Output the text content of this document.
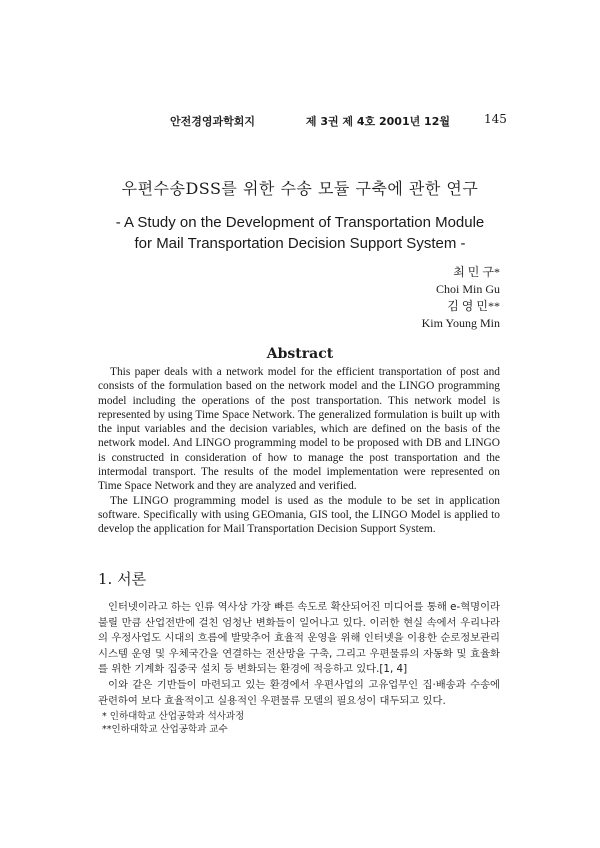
안전경영과학회지	제 3권 제 4호 2001년 12월	145
우편수송DSS를 위한 수송 모듈 구축에 관한 연구
- A Study on the Development of Transportation Module
for Mail Transportation Decision Support System -
최 민 구*
Choi Min Gu
김 영 민**
Kim Young Min
Abstract

This paper deals with a network model for the efficient transportation of post and consists of the formulation based on the network model and the LINGO programming model including the operations of the post transportation. This network model is represented by using Time Space Network. The generalized formulation is built up with the input variables and the decision variables, which are defined on the basis of the network model. And LINGO programming model to be proposed with DB and LINGO is constructed in consideration of how to manage the post transportation and the intermodal transport. The results of the model implementation were represented on Time Space Network and they are analyzed and verified.

The LINGO programming model is used as the module to be set in application software. Specifically with using GEOmania, GIS tool, the LINGO Model is applied to develop the application for Mail Transportation Decision Support System.

1. 서론

인터넷이라고 하는 인류 역사상 가장 빠른 속도로 확산되어진 미디어를 통해 e-혁명이라 불릴 만큼 산업전반에 걸친 엄청난 변화들이 일어나고 있다. 이러한 현실 속에서 우리나라의 우정사업도 시대의 흐름에 발맞추어 효율적 운영을 위해 인터넷을 이용한 순로정보관리 시스템 운영 및 우체국간을 연결하는 전산망을 구축, 그리고 우편물류의 자동화 및 효율화를 위한 기계화 집중국 설치 등 변화되는 환경에 적응하고 있다.[1, 4]

이와 같은 기반들이 마련되고 있는 환경에서 우편사업의 고유업무인 집·배송과 수송에 관련하여 보다 효율적이고 실용적인 우편물류 모델의 필요성이 대두되고 있다.

* 인하대학교 산업공학과 석사과정
**인하대학교 산업공학과 교수
